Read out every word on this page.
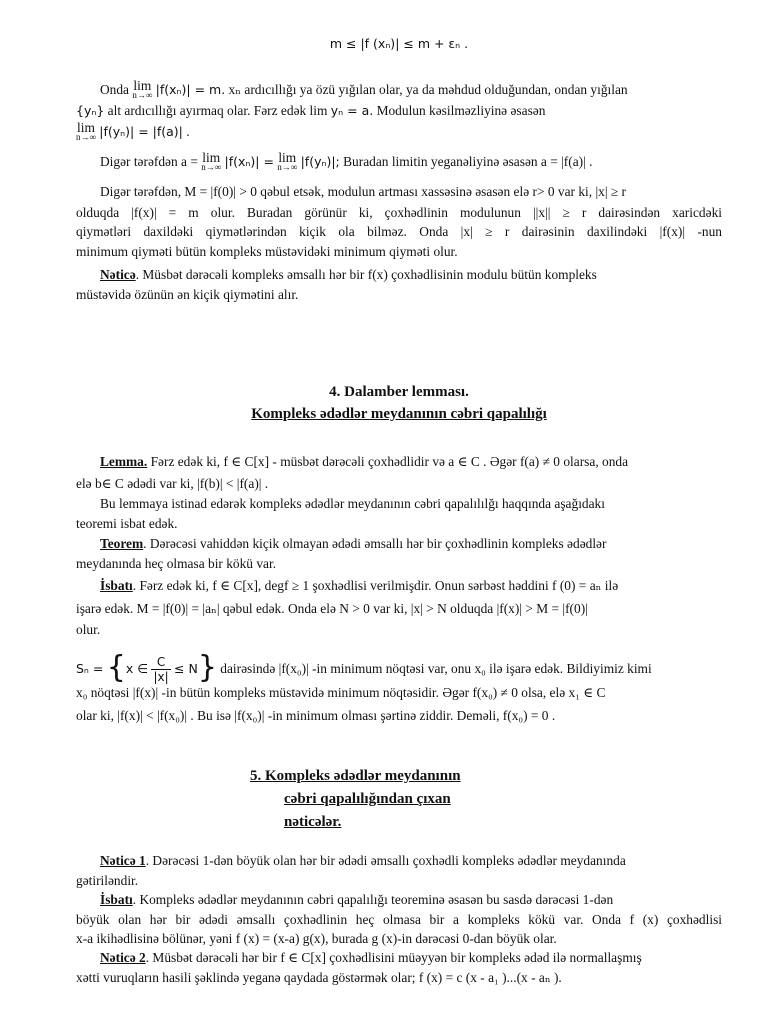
m ≤ |f (xₙ)| ≤ m + εₙ .
Onda lim
n→∞ |f(xₙ)| = m. xₙ ardıcıllığı ya özü yığılan olar, ya da məhdud olduğundan, ondan yığılan
{yₙ} alt ardıcıllığı ayırmaq olar. Fərz edək lim yₙ = a. Modulun kəsilməzliyinə əsasən
lim
n→∞ |f(yₙ)| = |f(a)| .
Digər tərəfdən a = lim
n→∞ |f(xₙ)| = lim
n→∞ |f(yₙ)|; Buradan limitin yeganəliyinə əsasən a = |f(a)| .
Digər tərəfdən, M = |f(0)| > 0 qəbul etsək, modulun artması xassəsinə əsasən elə r> 0 var ki, |x| ≥ r
olduqda |f(x)| = m olur. Buradan görünür ki, çoxhədlinin modulunun ||x|| ≥ r dairəsindən xaricdəki
qiymətləri daxildəki qiymətlərindən kiçik ola bilməz. Onda |x| ≥ r dairəsinin daxilindəki |f(x)| -nun
minimum qiyməti bütün kompleks müstəvidəki minimum qiyməti olur.
Nəticə. Müsbət dərəcəli kompleks əmsallı hər bir f(x) çoxhədlisinin modulu bütün kompleks
müstəvidə özünün ən kiçik qiymətini alır.
4. Dalamber lemması.
Kompleks ədədlər meydanının cəbri qapalılığı
Lemma. Fərz edək ki, f ∈ C[x] - müsbət dərəcəli çoxhədlidir və a ∈ C . Əgər f(a) ≠ 0 olarsa, onda
elə b∈ C ədədi var ki, |f(b)| < |f(a)| .
Bu lemmaya istinad edərək kompleks ədədlər meydanının cəbri qapalılılğı haqqında aşağıdakı
teoremi isbat edək.
Teorem. Dərəcəsi vahiddən kiçik olmayan ədədi əmsallı hər bir çoxhədlinin kompleks ədədlər
meydanında heç olmasa bir kökü var.
İsbatı. Fərz edək ki, f ∈ C[x], degf ≥ 1 şoxhədlisi verilmişdir. Onun sərbəst həddini f (0) = aₙ ilə
işarə edək. M = |f(0)| = |aₙ| qəbul edək. Onda elə N > 0 var ki, |x| > N olduqda |f(x)| > M = |f(0)|
olur.
Sₙ = {x ∈ $\frac{C}{|x|} \le N$} dairəsində |f(x₀)| -in minimum nöqtəsi var, onu x₀ ilə işarə edək. Bildiyimiz kimi
x₀ nöqtəsi |f(x)| -in bütün kompleks müstəvidə minimum nöqtəsidir. Əgər f(x₀) ≠ 0 olsa, elə x₁ ∈ C
olar ki, |f(x)| < |f(x₀)| . Bu isə |f(x₀)| -in minimum olması şərtinə ziddir. Deməli, f(x₀) = 0 .
5. Kompleks ədədlər meydanının
cəbri qapalılığından çıxan
nəticələr.
Nəticə 1. Dərəcəsi 1-dən böyük olan hər bir ədədi əmsallı çoxhədli kompleks ədədlər meydanında
gətiriləndir.
İsbatı. Kompleks ədədlər meydanının cəbri qapalılığı teoreminə əsasən bu sasdə dərəcəsi 1-dən
böyük olan hər bir ədədi əmsallı çoxhədlinin heç olmasa bir a kompleks kökü var. Onda f (x) çoxhədlisi
x-a ikihədlisinə bölünər, yəni f (x) = (x-a) g(x), burada g (x)-in dərəcəsi 0-dan böyük olar.
Nəticə 2. Müsbət dərəcəli hər bir f ∈ C[x] çoxhədlisini müəyyən bir kompleks ədəd ilə normallaşmış
xətti vuruqların hasili şəklində yeganə qaydada göstərmək olar; f (x) = c (x - a₁ )...(x - aₙ ).
